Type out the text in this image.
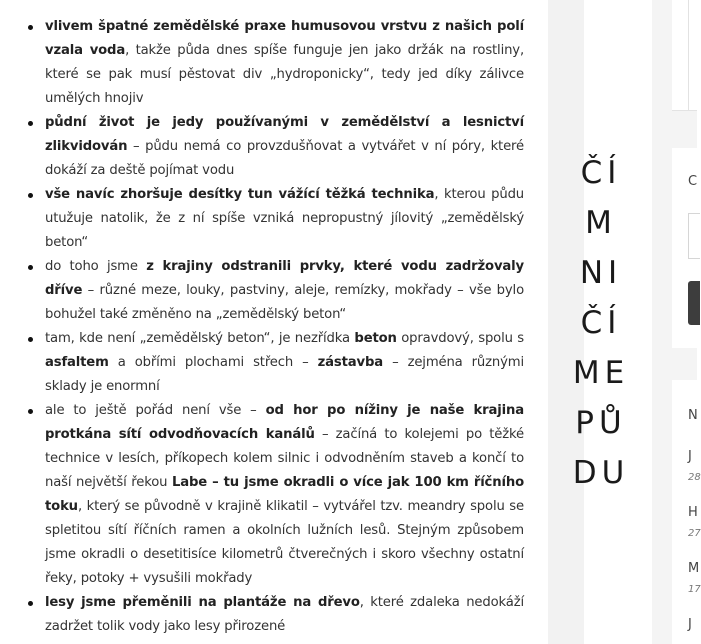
vlivem špatné zemědělské praxe humusovou vrstvu z našich polí vzala voda, takže půda dnes spíše funguje jen jako držák na rostliny, které se pak musí pěstovat div „hydroponicky“, tedy jed díky zálivce umělých hnojiv
půdní život je jedy používanými v zemědělství a lesnictví zlikvidován – půdu nemá co provzdušňovat a vytvářet v ní póry, které dokáží za deště pojímat vodu
vše navíc zhoršuje desítky tun vážící těžká technika, kterou půdu utužuje natolik, že z ní spíše vzniká nepropustný jílovitý „zemědělský beton“
do toho jsme z krajiny odstranili prvky, které vodu zadržovaly dříve – různé meze, louky, pastviny, aleje, remízky, mokřady – vše bylo bohužel také změněno na „zemědělský beton“
tam, kde není „zemědělský beton“, je nezřídka beton opravdový, spolu s asfaltem a obřími plochami střech – zástavba – zejména různými sklady je enormní
ale to ještě pořád není vše – od hor po nížiny je naše krajina protkána sítí odvodňovacích kanálů – začíná to kolejemi po těžké technice v lesích, příkopech kolem silnic i odvodněním staveb a končí to naší největší řekou Labe – tu jsme okradli o více jak 100 km říčního toku, který se původně v krajině klikatil – vytvářel tzv. meandry spolu se spletitou sítí říčních ramen a okolních lužních lesů. Stejným způsobem jsme okradli o desetitisíce kilometrů čtverečných i skoro všechny ostatní řeky, potoky + vysušili mokřady
lesy jsme přeměnili na plantáže na dřevo, které zdaleka nedokáží zadržet tolik vody jako lesy přirozené
ČÍ
M
NI
ČÍ
ME
PŮ
DU
C
N
J
28
H
27
M
17
J
